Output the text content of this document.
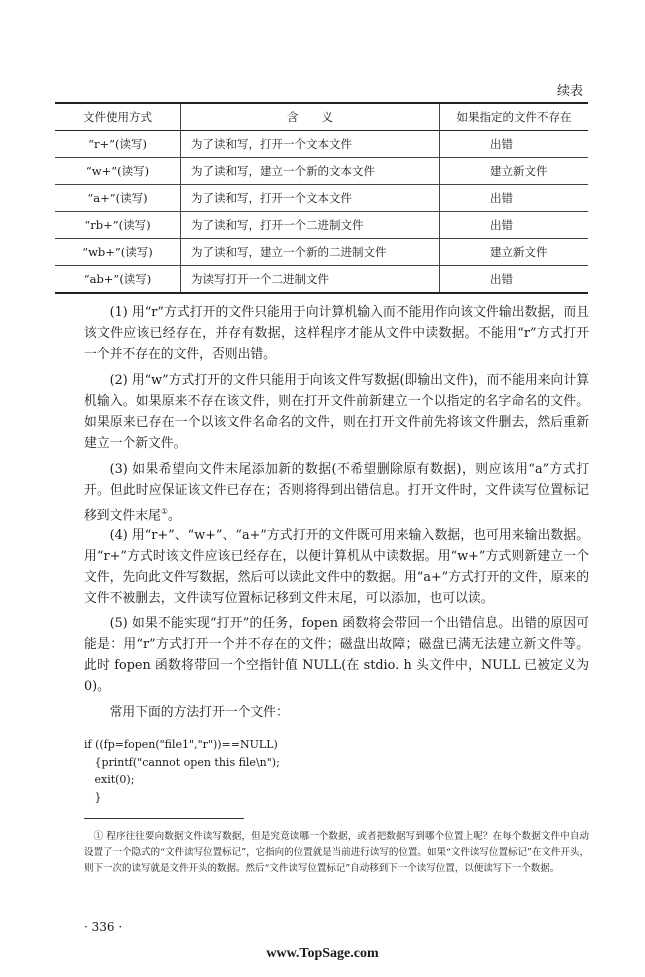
续表
文件使用方式	含　　义	如果指定的文件不存在
“r+”(读写)	为了读和写，打开一个文本文件	出错
“w+”(读写)	为了读和写，建立一个新的文本文件	建立新文件
“a+”(读写)	为了读和写，打开一个文本文件	出错
“rb+”(读写)	为了读和写，打开一个二进制文件	出错
“wb+”(读写)	为了读和写，建立一个新的二进制文件	建立新文件
“ab+”(读写)	为读写打开一个二进制文件	出错

(1) 用“r”方式打开的文件只能用于向计算机输入而不能用作向该文件输出数据，而且该文件应该已经存在，并存有数据，这样程序才能从文件中读数据。不能用“r”方式打开一个并不存在的文件，否则出错。

(2) 用“w”方式打开的文件只能用于向该文件写数据(即输出文件)，而不能用来向计算机输入。如果原来不存在该文件，则在打开文件前新建立一个以指定的名字命名的文件。如果原来已存在一个以该文件名命名的文件，则在打开文件前先将该文件删去，然后重新建立一个新文件。

(3) 如果希望向文件末尾添加新的数据(不希望删除原有数据)，则应该用“a”方式打开。但此时应保证该文件已存在；否则将得到出错信息。打开文件时，文件读写位置标记移到文件末尾①。

(4) 用“r+”、“w+”、“a+”方式打开的文件既可用来输入数据，也可用来输出数据。用“r+”方式时该文件应该已经存在，以便计算机从中读数据。用“w+”方式则新建立一个文件，先向此文件写数据，然后可以读此文件中的数据。用“a+”方式打开的文件，原来的文件不被删去，文件读写位置标记移到文件末尾，可以添加，也可以读。

(5) 如果不能实现“打开”的任务，fopen 函数将会带回一个出错信息。出错的原因可能是：用“r”方式打开一个并不存在的文件；磁盘出故障；磁盘已满无法建立新文件等。此时 fopen 函数将带回一个空指针值 NULL(在 stdio. h 头文件中，NULL 已被定义为 0)。

常用下面的方法打开一个文件：

if ((fp=fopen("file1","r"))==NULL)
{printf("cannot open this file\n");
exit(0);
}

① 程序往往要向数据文件读写数据，但是究竟读哪一个数据，或者把数据写到哪个位置上呢？在每个数据文件中自动设置了一个隐式的“文件读写位置标记”，它指向的位置就是当前进行读写的位置。如果“文件读写位置标记”在文件开头，则下一次的读写就是文件开头的数据。然后“文件读写位置标记”自动移到下一个读写位置，以便读写下一个数据。

· 336 ·
www.TopSage.com
